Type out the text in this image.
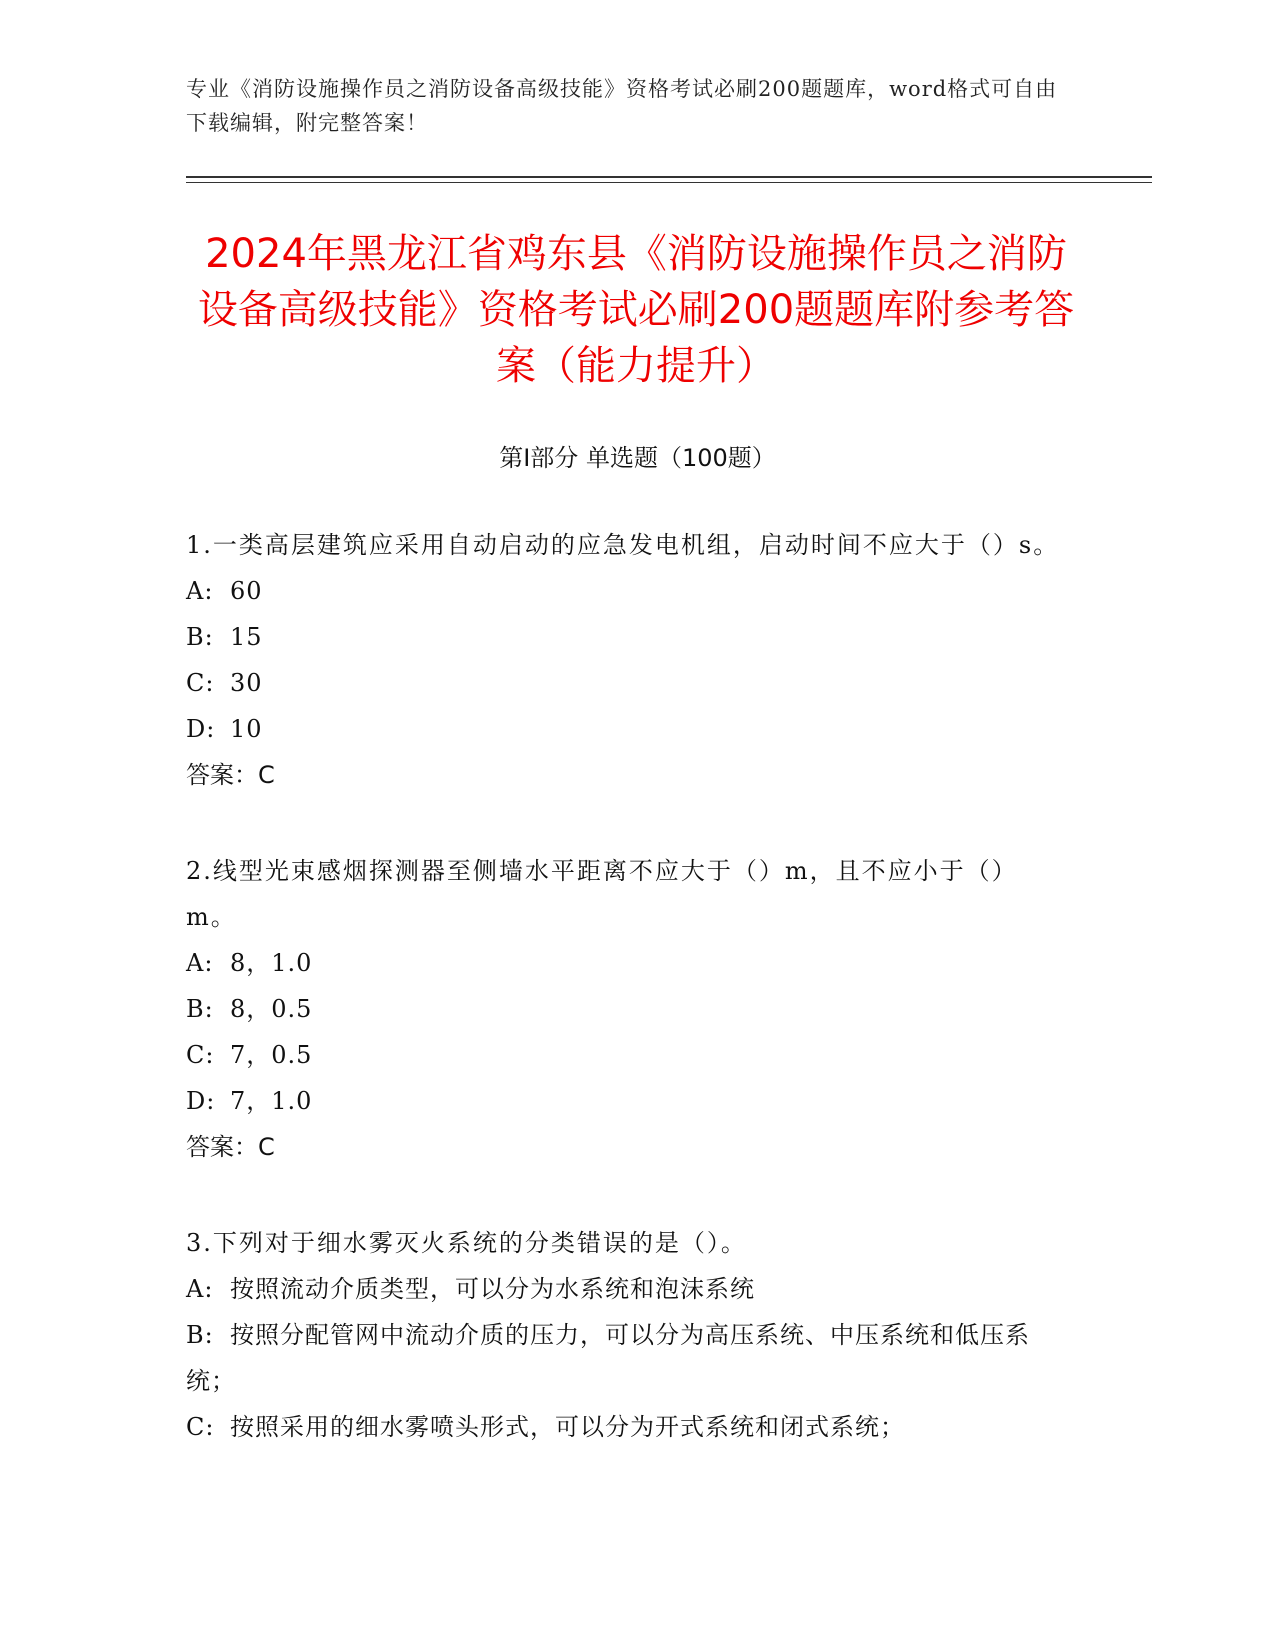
专业《消防设施操作员之消防设备高级技能》资格考试必刷200题题库，word格式可自由下载编辑，附完整答案！
2024年黑龙江省鸡东县《消防设施操作员之消防设备高级技能》资格考试必刷200题题库附参考答案（能力提升）
第Ⅰ部分 单选题（100题）

1.一类高层建筑应采用自动启动的应急发电机组，启动时间不应大于（）s。

A: 60

B: 15

C: 30

D: 10

答案：C

2.线型光束感烟探测器至侧墙水平距离不应大于（）m，且不应小于（）m。

A: 8，1.0

B: 8，0.5

C: 7，0.5

D: 7，1.0

答案：C

3.下列对于细水雾灭火系统的分类错误的是（）。

A: 按照流动介质类型，可以分为水系统和泡沫系统

B: 按照分配管网中流动介质的压力，可以分为高压系统、中压系统和低压系统；

C: 按照采用的细水雾喷头形式，可以分为开式系统和闭式系统；
